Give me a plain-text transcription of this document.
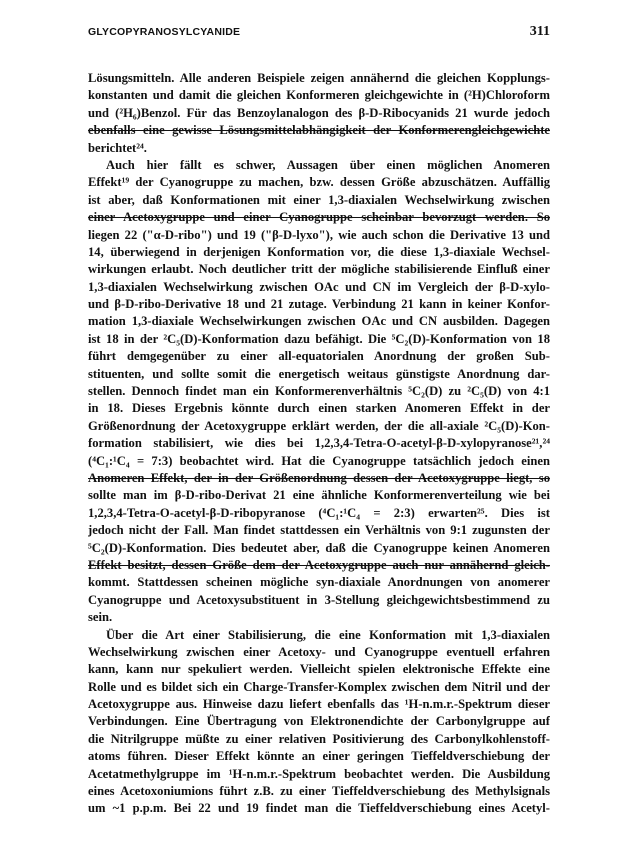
GLYCOPYRANOSYLCYANIDE	311
Lösungsmitteln. Alle anderen Beispiele zeigen annähernd die gleichen Kopplungs-
konstanten und damit die gleichen Konformeren gleichgewichte in (²H)Chloroform
und (²H₆)Benzol. Für das Benzoylanalogon des β-D-Ribocyanids 21 wurde jedoch
ebenfalls eine gewisse Lösungsmittelabhängigkeit der Konformerengleichgewichte
berichtet²⁴.
Auch hier fällt es schwer, Aussagen über einen möglichen Anomeren
Effekt¹⁹ der Cyanogruppe zu machen, bzw. dessen Größe abzuschätzen. Auffällig
ist aber, daß Konformationen mit einer 1,3-diaxialen Wechselwirkung zwischen
einer Acetoxygruppe und einer Cyanogruppe scheinbar bevorzugt werden. So
liegen 22 ("α-D-ribo") und 19 ("β-D-lyxo"), wie auch schon die Derivative 13 und
14, überwiegend in derjenigen Konformation vor, die diese 1,3-diaxiale Wechsel-
wirkungen erlaubt. Noch deutlicher tritt der mögliche stabilisierende Einfluß einer
1,3-diaxialen Wechselwirkung zwischen OAc und CN im Vergleich der β-D-xylo-
und β-D-ribo-Derivative 18 und 21 zutage. Verbindung 21 kann in keiner Konfor-
mation 1,3-diaxiale Wechselwirkungen zwischen OAc und CN ausbilden. Dagegen
ist 18 in der ²C₅(D)-Konformation dazu befähigt. Die ⁵C₂(D)-Konformation von 18
führt demgegenüber zu einer all-equatorialen Anordnung der großen Sub-
stituenten, und sollte somit die energetisch weitaus günstigste Anordnung dar-
stellen. Dennoch findet man ein Konformerenverhältnis ⁵C₂(D) zu ²C₅(D) von 4:1
in 18. Dieses Ergebnis könnte durch einen starken Anomeren Effekt in der
Größenordnung der Acetoxygruppe erklärt werden, der die all-axiale ²C₅(D)-Kon-
formation stabilisiert, wie dies bei 1,2,3,4-Tetra-O-acetyl-β-D-xylopyranose²¹,²⁴
(⁴C₁:¹C₄ = 7:3) beobachtet wird. Hat die Cyanogruppe tatsächlich jedoch einen
Anomeren Effekt, der in der Größenordnung dessen der Acetoxygruppe liegt, so
sollte man im β-D-ribo-Derivat 21 eine ähnliche Konformerenverteilung wie bei
1,2,3,4-Tetra-O-acetyl-β-D-ribopyranose (⁴C₁:¹C₄ = 2:3) erwarten²⁵. Dies ist
jedoch nicht der Fall. Man findet stattdessen ein Verhältnis von 9:1 zugunsten der
⁵C₂(D)-Konformation. Dies bedeutet aber, daß die Cyanogruppe keinen Anomeren
Effekt besitzt, dessen Größe dem der Acetoxygruppe auch nur annähernd gleich-
kommt. Stattdessen scheinen mögliche syn-diaxiale Anordnungen von anomerer
Cyanogruppe und Acetoxysubstituent in 3-Stellung gleichgewichtsbestimmend zu
sein.
Über die Art einer Stabilisierung, die eine Konformation mit 1,3-diaxialen
Wechselwirkung zwischen einer Acetoxy- und Cyanogruppe eventuell erfahren
kann, kann nur spekuliert werden. Vielleicht spielen elektronische Effekte eine
Rolle und es bildet sich ein Charge-Transfer-Komplex zwischen dem Nitril und der
Acetoxygruppe aus. Hinweise dazu liefert ebenfalls das ¹H-n.m.r.-Spektrum dieser
Verbindungen. Eine Übertragung von Elektronendichte der Carbonylgruppe auf
die Nitrilgruppe müßte zu einer relativen Positivierung des Carbonylkohlenstoff-
atoms führen. Dieser Effekt könnte an einer geringen Tieffeldverschiebung der
Acetatmethylgruppe im ¹H-n.m.r.-Spektrum beobachtet werden. Die Ausbildung
eines Acetoxoniumions führt z.B. zu einer Tieffeldverschiebung des Methylsignals
um ~1 p.p.m. Bei 22 und 19 findet man die Tieffeldverschiebung eines Acetyl-
